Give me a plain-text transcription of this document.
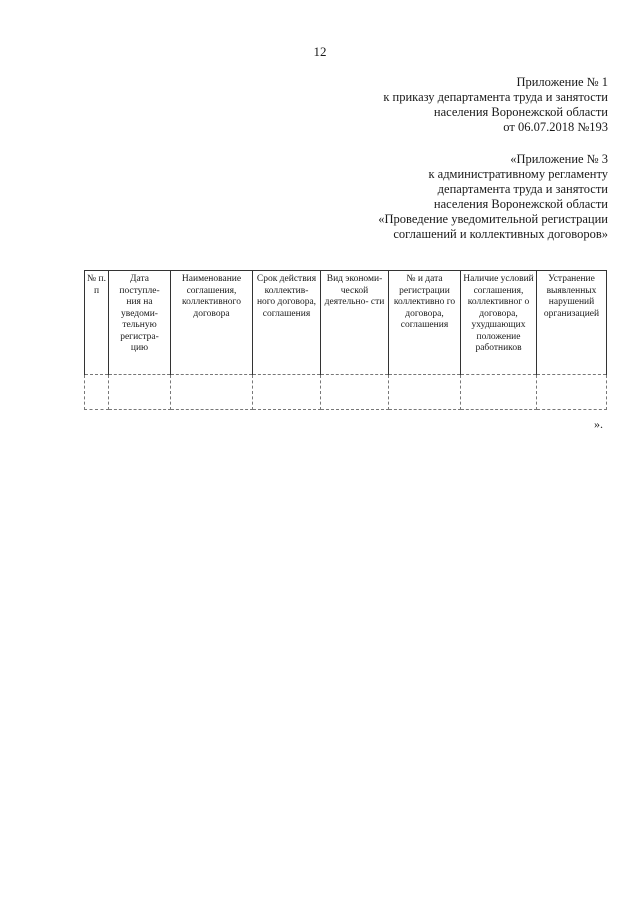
12
Приложение № 1
к приказу департамента труда и занятости
населения Воронежской области
от 06.07.2018 №193
«Приложение № 3
к административному регламенту
департамента труда и занятости
населения Воронежской области
«Проведение уведомительной регистрации
соглашений и коллективных договоров»
№ п. п	Дата поступле- ния на уведоми- тельную регистра- цию	Наименование соглашения, коллективного договора	Срок действия коллектив- ного договора, соглашения	Вид экономи- ческой деятельно- сти	№ и дата регистрации коллективно го договора, соглашения	Наличие условий соглашения, коллективног о договора, ухудшающих положение работников	Устранение выявленных нарушений организацией

».
